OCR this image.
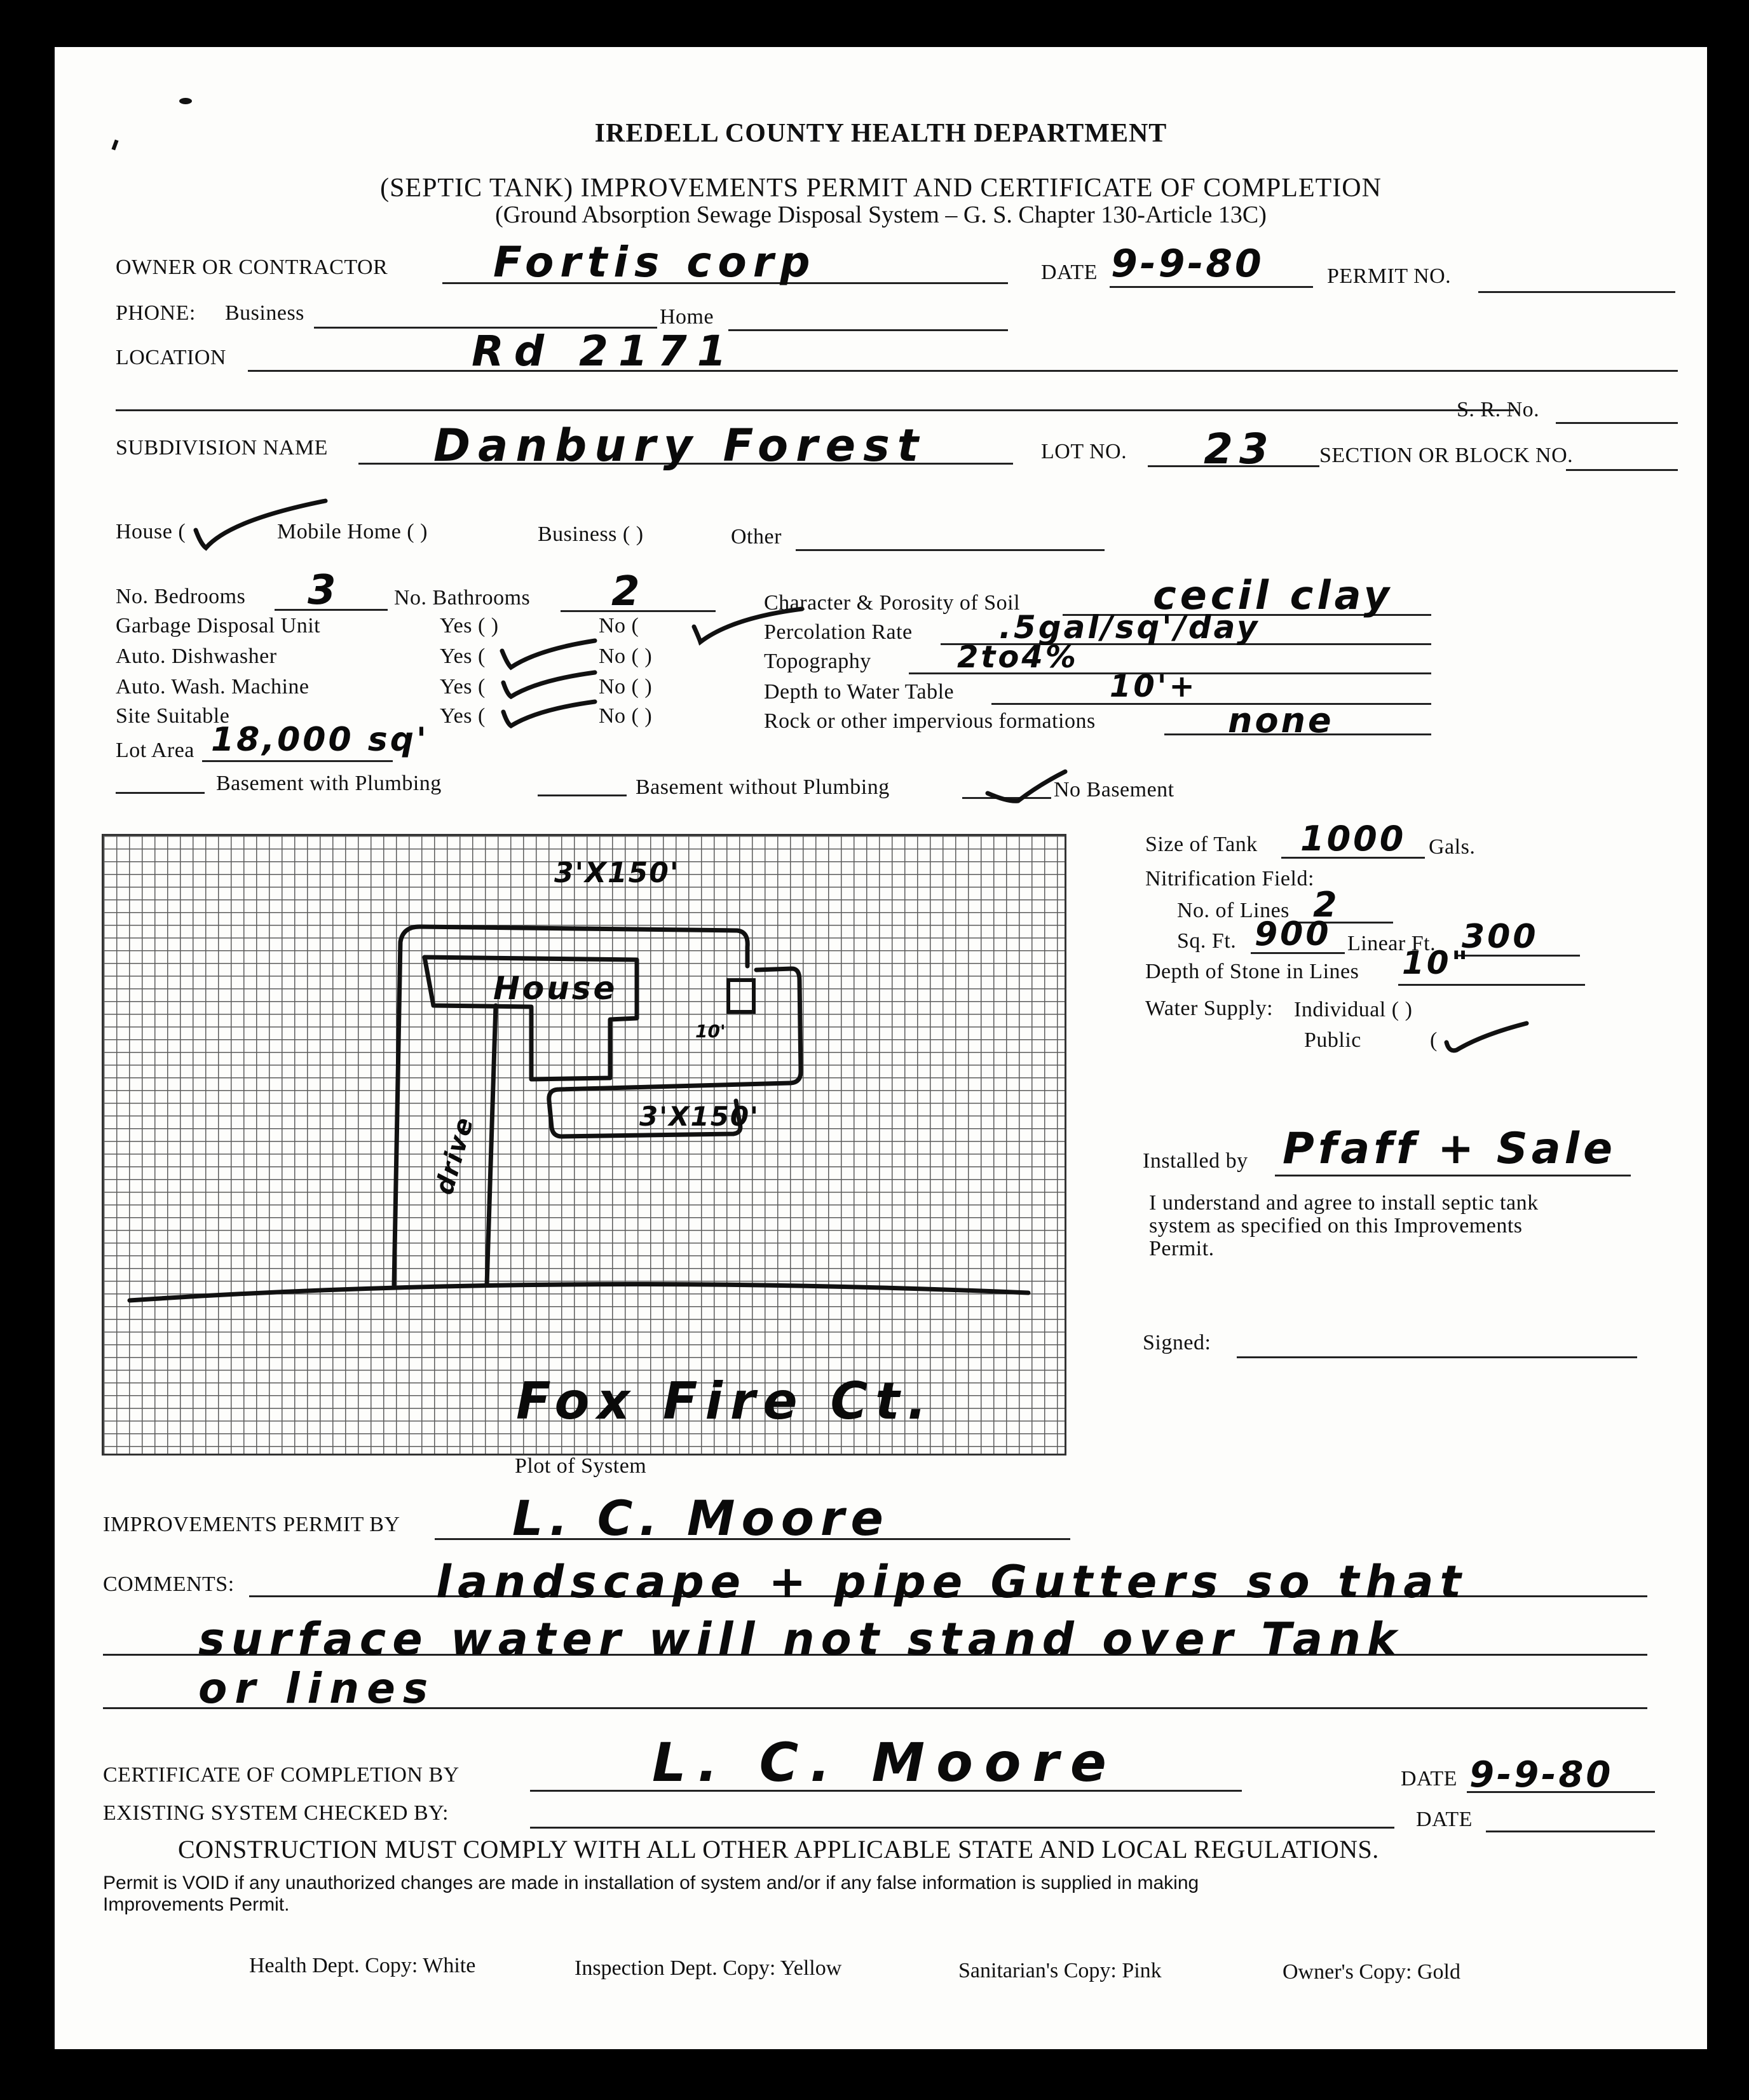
IREDELL COUNTY HEALTH DEPARTMENT
(SEPTIC TANK) IMPROVEMENTS PERMIT AND CERTIFICATE OF COMPLETION
(Ground Absorption Sewage Disposal System – G. S. Chapter 130-Article 13C)
OWNER OR CONTRACTOR	Fortis corp	DATE 9-9-80	PERMIT NO.
PHONE: Business	Home
LOCATION	Rd 2171
S. R. No.
SUBDIVISION NAME Danbury Forest	LOT NO. 23 SECTION OR BLOCK NO.
House (	Mobile Home ( )	Business ( )	Other
No. Bedrooms 3	No. Bathrooms 2
Garbage Disposal Unit	Yes ( )	No (
Auto. Dishwasher	Yes (	No ( )
Auto. Wash. Machine	Yes (	No ( )
Site Suitable	Yes (	No ( )
Character & Porosity of Soil	cecil clay
Percolation Rate	.5gal/sq'/day
Topography	2to4%
Depth to Water Table	10'+
Rock or other impervious formations	none
Lot Area 18,000 sq'
Basement with Plumbing	Basement without Plumbing	No Basement
3'X150'
House
10'
3'X150'
drive
Fox Fire Ct.
Plot of System
Size of Tank 1000 Gals.
Nitrification Field:
No. of Lines 2
Sq. Ft. 900 Linear Ft. 300
Depth of Stone in Lines 10"
Water Supply: Individual ( )
Public	(
Installed by Pfaff + Sale
I understand and agree to install septic tank
system as specified on this Improvements
Permit.
Signed:
IMPROVEMENTS PERMIT BY L. C. Moore
COMMENTS:	landscape + pipe Gutters so that
surface water will not stand over Tank
or lines
CERTIFICATE OF COMPLETION BY	L. C. Moore	DATE 9-9-80
EXISTING SYSTEM CHECKED BY:	DATE
CONSTRUCTION MUST COMPLY WITH ALL OTHER APPLICABLE STATE AND LOCAL REGULATIONS.
Permit is VOID if any unauthorized changes are made in installation of system and/or if any false information is supplied in making
Improvements Permit.
Health Dept. Copy: White	Inspection Dept. Copy: Yellow	Sanitarian's Copy: Pink	Owner's Copy: Gold
